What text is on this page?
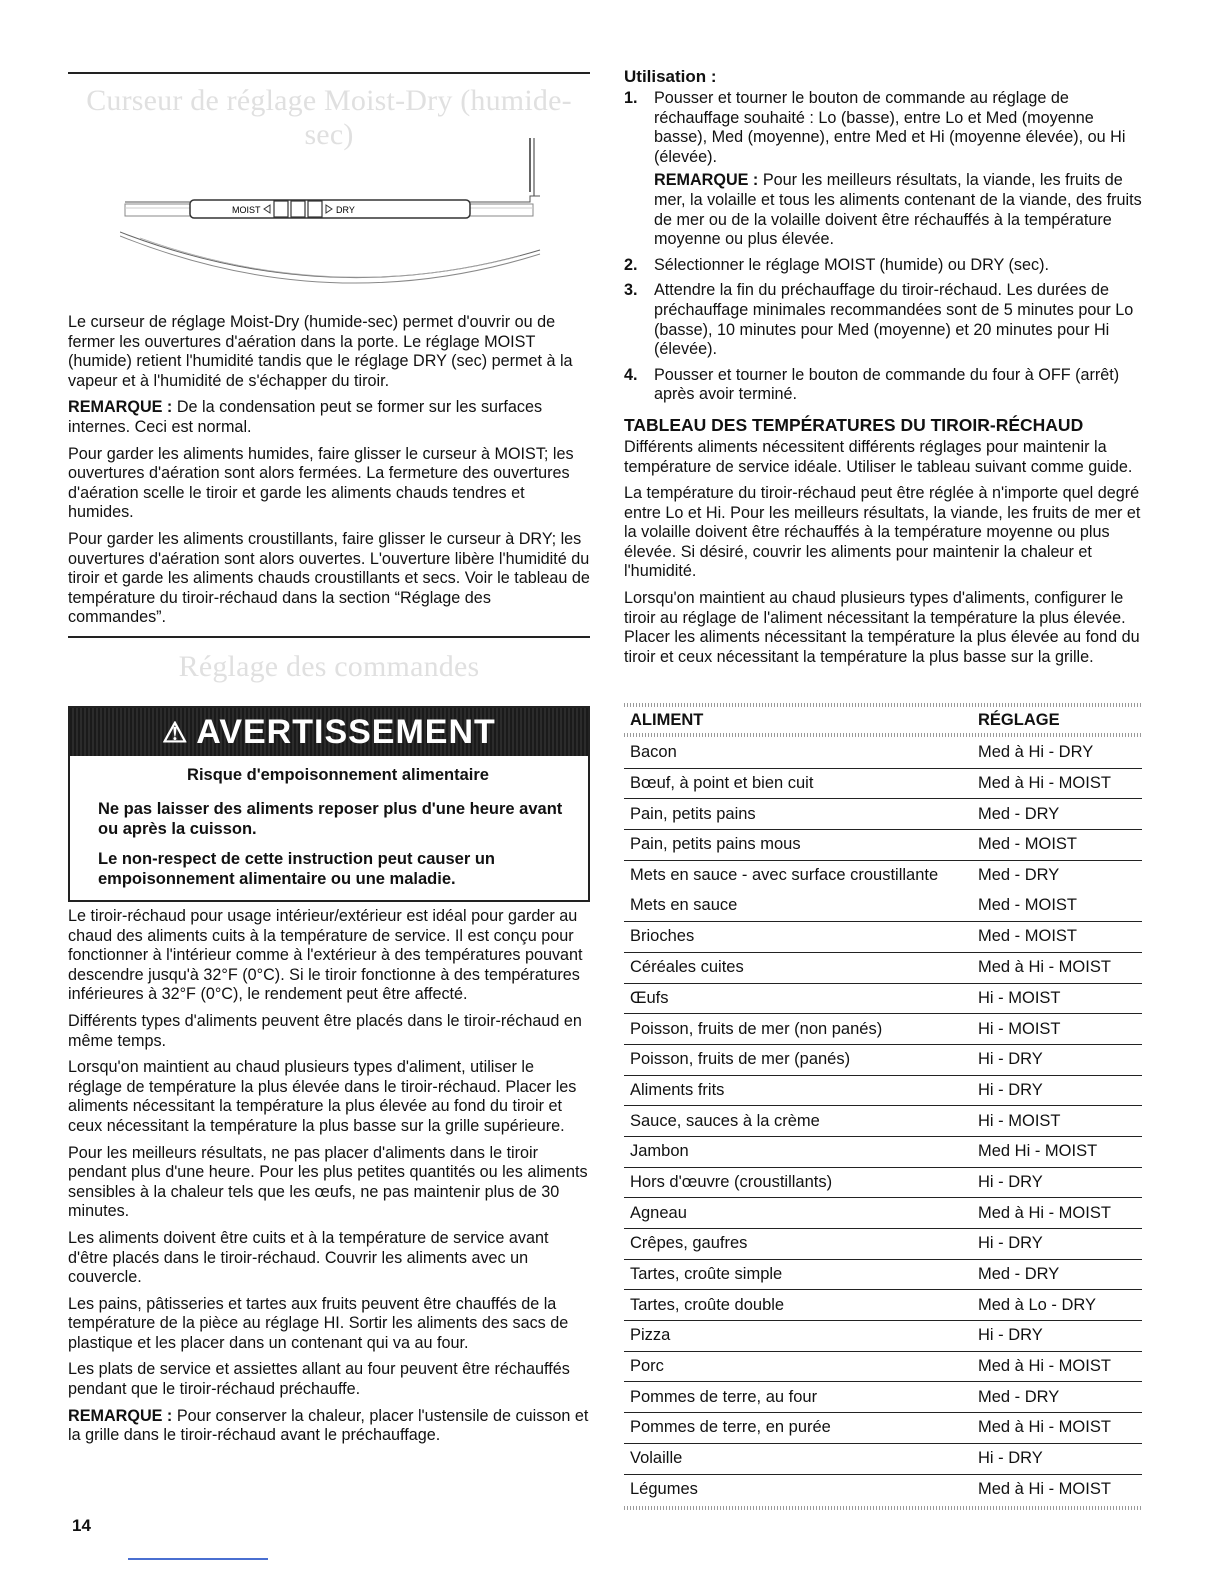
Curseur de réglage Moist-Dry (humide-sec)
MOIST	DRY

Le curseur de réglage Moist-Dry (humide-sec) permet d'ouvrir ou de fermer les ouvertures d'aération dans la porte. Le réglage MOIST (humide) retient l'humidité tandis que le réglage DRY (sec) permet à la vapeur et à l'humidité de s'échapper du tiroir.

REMARQUE : De la condensation peut se former sur les surfaces internes. Ceci est normal.

Pour garder les aliments humides, faire glisser le curseur à MOIST; les ouvertures d'aération sont alors fermées. La fermeture des ouvertures d'aération scelle le tiroir et garde les aliments chauds tendres et humides.

Pour garder les aliments croustillants, faire glisser le curseur à DRY; les ouvertures d'aération sont alors ouvertes. L'ouverture libère l'humidité du tiroir et garde les aliments chauds croustillants et secs. Voir le tableau de température du tiroir-réchaud dans la section “Réglage des commandes”.

Réglage des commandes
⚠ AVERTISSEMENT
Risque d'empoisonnement alimentaire
Ne pas laisser des aliments reposer plus d'une heure avant ou après la cuisson.
Le non-respect de cette instruction peut causer un empoisonnement alimentaire ou une maladie.

Le tiroir-réchaud pour usage intérieur/extérieur est idéal pour garder au chaud des aliments cuits à la température de service. Il est conçu pour fonctionner à l'intérieur comme à l'extérieur à des températures pouvant descendre jusqu'à 32°F (0°C). Si le tiroir fonctionne à des températures inférieures à 32°F (0°C), le rendement peut être affecté.

Différents types d'aliments peuvent être placés dans le tiroir-réchaud en même temps.

Lorsqu'on maintient au chaud plusieurs types d'aliment, utiliser le réglage de température la plus élevée dans le tiroir-réchaud. Placer les aliments nécessitant la température la plus élevée au fond du tiroir et ceux nécessitant la température la plus basse sur la grille supérieure.

Pour les meilleurs résultats, ne pas placer d'aliments dans le tiroir pendant plus d'une heure. Pour les plus petites quantités ou les aliments sensibles à la chaleur tels que les œufs, ne pas maintenir plus de 30 minutes.

Les aliments doivent être cuits et à la température de service avant d'être placés dans le tiroir-réchaud. Couvrir les aliments avec un couvercle.

Les pains, pâtisseries et tartes aux fruits peuvent être chauffés de la température de la pièce au réglage HI. Sortir les aliments des sacs de plastique et les placer dans un contenant qui va au four.

Les plats de service et assiettes allant au four peuvent être réchauffés pendant que le tiroir-réchaud préchauffe.

REMARQUE : Pour conserver la chaleur, placer l'ustensile de cuisson et la grille dans le tiroir-réchaud avant le préchauffage.

Utilisation :
1. Pousser et tourner le bouton de commande au réglage de réchauffage souhaité : Lo (basse), entre Lo et Med (moyenne basse), Med (moyenne), entre Med et Hi (moyenne élevée), ou Hi (élevée).
REMARQUE : Pour les meilleurs résultats, la viande, les fruits de mer, la volaille et tous les aliments contenant de la viande, des fruits de mer ou de la volaille doivent être réchauffés à la température moyenne ou plus élevée.
2. Sélectionner le réglage MOIST (humide) ou DRY (sec).
3. Attendre la fin du préchauffage du tiroir-réchaud. Les durées de préchauffage minimales recommandées sont de 5 minutes pour Lo (basse), 10 minutes pour Med (moyenne) et 20 minutes pour Hi (élevée).
4. Pousser et tourner le bouton de commande du four à OFF (arrêt) après avoir terminé.
TABLEAU DES TEMPÉRATURES DU TIROIR-RÉCHAUD

Différents aliments nécessitent différents réglages pour maintenir la température de service idéale. Utiliser le tableau suivant comme guide.

La température du tiroir-réchaud peut être réglée à n'importe quel degré entre Lo et Hi. Pour les meilleurs résultats, la viande, les fruits de mer et la volaille doivent être réchauffés à la température moyenne ou plus élevée. Si désiré, couvrir les aliments pour maintenir la chaleur et l'humidité.

Lorsqu'on maintient au chaud plusieurs types d'aliments, configurer le tiroir au réglage de l'aliment nécessitant la température la plus élevée. Placer les aliments nécessitant la température la plus élevée au fond du tiroir et ceux nécessitant la température la plus basse sur la grille.

ALIMENT	RÉGLAGE
Bacon	Med à Hi - DRY
Bœuf, à point et bien cuit	Med à Hi - MOIST
Pain, petits pains	Med - DRY
Pain, petits pains mous	Med - MOIST
Mets en sauce - avec surface croustillante	Med - DRY
Mets en sauce	Med - MOIST
Brioches	Med - MOIST
Céréales cuites	Med à Hi - MOIST
Œufs	Hi - MOIST
Poisson, fruits de mer (non panés)	Hi - MOIST
Poisson, fruits de mer (panés)	Hi - DRY
Aliments frits	Hi - DRY
Sauce, sauces à la crème	Hi - MOIST
Jambon	Med Hi - MOIST
Hors d'œuvre (croustillants)	Hi - DRY
Agneau	Med à Hi - MOIST
Crêpes, gaufres	Hi - DRY
Tartes, croûte simple	Med - DRY
Tartes, croûte double	Med à Lo - DRY
Pizza	Hi - DRY
Porc	Med à Hi - MOIST
Pommes de terre, au four	Med - DRY
Pommes de terre, en purée	Med à Hi - MOIST
Volaille	Hi - DRY
Légumes	Med à Hi - MOIST
14
